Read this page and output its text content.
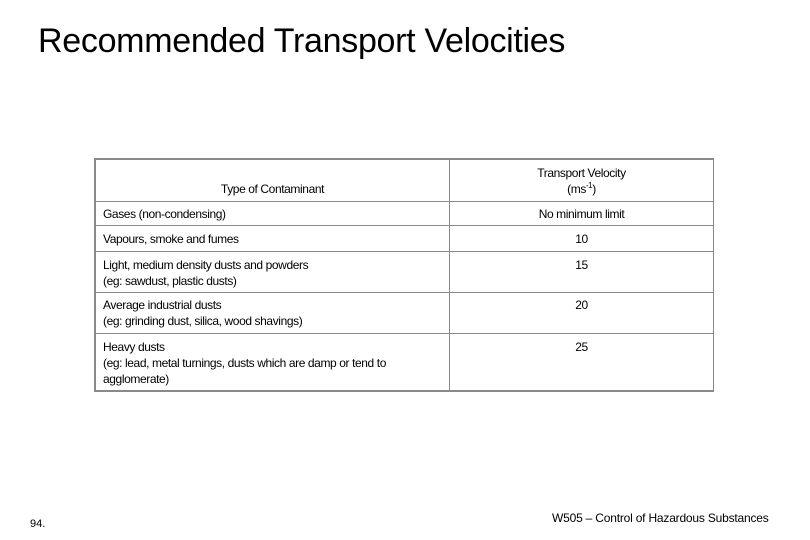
Recommended Transport Velocities
Type of Contaminant	Transport Velocity
$(ms^{-1})$

Gases (non-condensing)	No minimum limit

Vapours, smoke and fumes	10

Light, medium density dusts and powders
(eg: sawdust, plastic dusts)	15

Average industrial dusts
(eg: grinding dust, silica, wood shavings)	20

Heavy dusts
(eg: lead, metal turnings, dusts which are damp or tend to
agglomerate)	25
94.	W505 – Control of Hazardous Substances
